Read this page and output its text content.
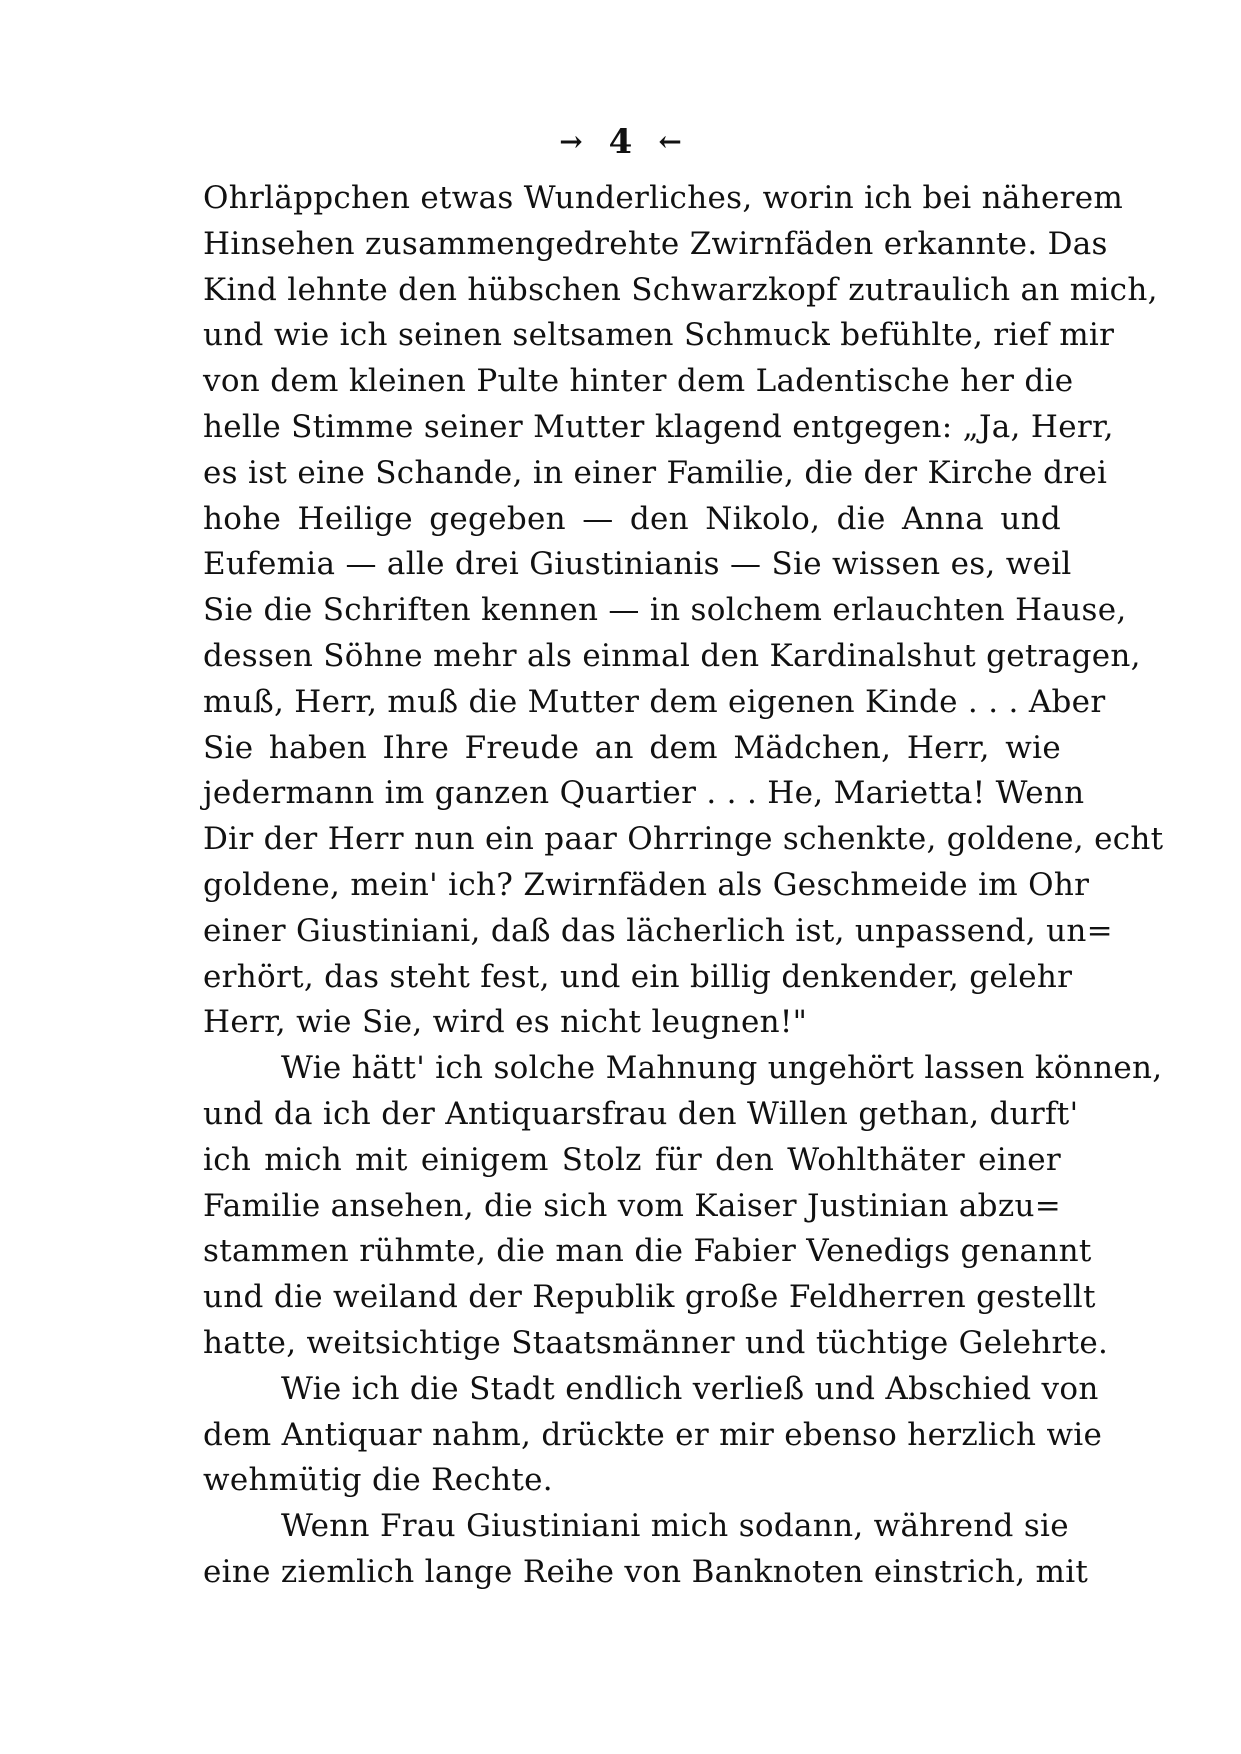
→ 4 ←
Ohrläppchen etwas Wunderliches, worin ich bei näherem
Hinsehen zusammengedrehte Zwirnfäden erkannte. Das
Kind lehnte den hübschen Schwarzkopf zutraulich an mich,
und wie ich seinen seltsamen Schmuck befühlte, rief mir
von dem kleinen Pulte hinter dem Ladentische her die
helle Stimme seiner Mutter klagend entgegen: „Ja, Herr,
es ist eine Schande, in einer Familie, die der Kirche drei
hohe Heilige gegeben — den Nikolo, die Anna und
Eufemia — alle drei Giustinianis — Sie wissen es, weil
Sie die Schriften kennen — in solchem erlauchten Hause,
dessen Söhne mehr als einmal den Kardinalshut getragen,
muß, Herr, muß die Mutter dem eigenen Kinde . . . Aber
Sie haben Ihre Freude an dem Mädchen, Herr, wie
jedermann im ganzen Quartier . . . He, Marietta! Wenn
Dir der Herr nun ein paar Ohrringe schenkte, goldene, echt
goldene, mein' ich? Zwirnfäden als Geschmeide im Ohr
einer Giustiniani, daß das lächerlich ist, unpassend, un=
erhört, das steht fest, und ein billig denkender, gelehr
Herr, wie Sie, wird es nicht leugnen!"
Wie hätt' ich solche Mahnung ungehört lassen können,
und da ich der Antiquarsfrau den Willen gethan, durft'
ich mich mit einigem Stolz für den Wohlthäter einer
Familie ansehen, die sich vom Kaiser Justinian abzu=
stammen rühmte, die man die Fabier Venedigs genannt
und die weiland der Republik große Feldherren gestellt
hatte, weitsichtige Staatsmänner und tüchtige Gelehrte.
Wie ich die Stadt endlich verließ und Abschied von
dem Antiquar nahm, drückte er mir ebenso herzlich wie
wehmütig die Rechte.
Wenn Frau Giustiniani mich sodann, während sie
eine ziemlich lange Reihe von Banknoten einstrich, mit
